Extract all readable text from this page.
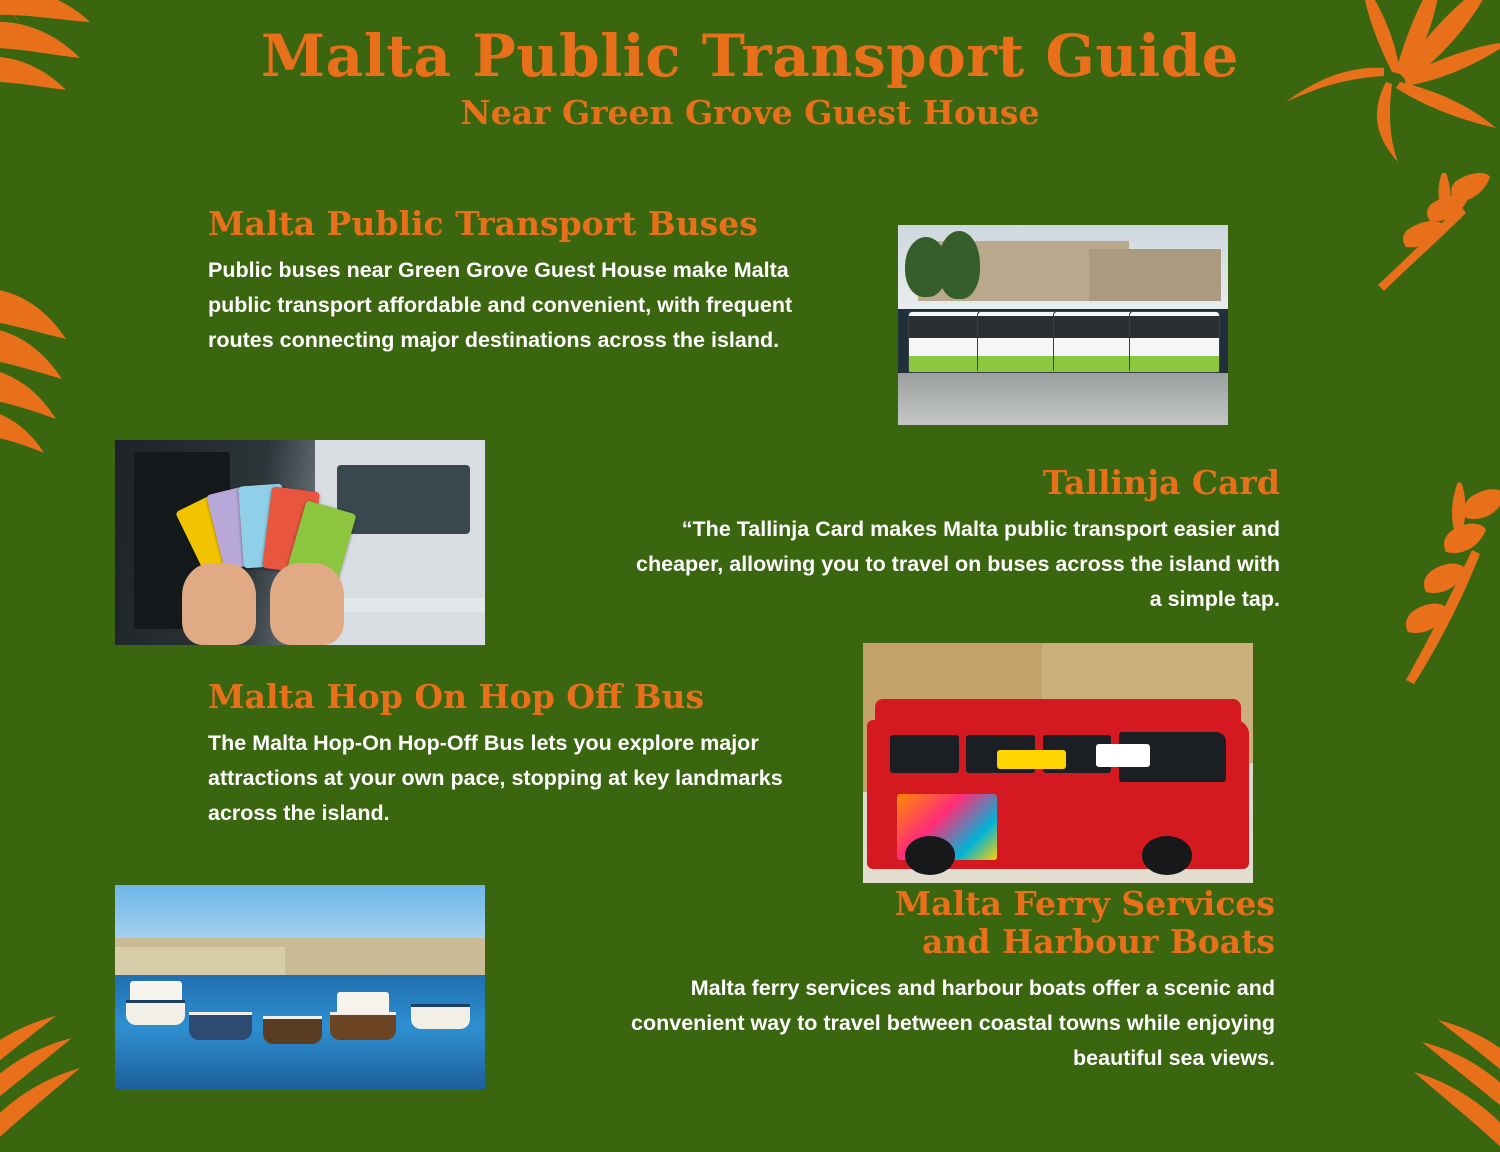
Malta Public Transport Guide
Near Green Grove Guest House
Malta Public Transport Buses

Public buses near Green Grove Guest House make Malta public transport affordable and convenient, with frequent routes connecting major destinations across the island.

Tallinja Card

“The Tallinja Card makes Malta public transport easier and cheaper, allowing you to travel on buses across the island with a simple tap.

Malta Hop On Hop Off Bus

The Malta Hop-On Hop-Off Bus lets you explore major attractions at your own pace, stopping at key landmarks across the island.

Malta Ferry Services
and Harbour Boats

Malta ferry services and harbour boats offer a scenic and convenient way to travel between coastal towns while enjoying beautiful sea views.
